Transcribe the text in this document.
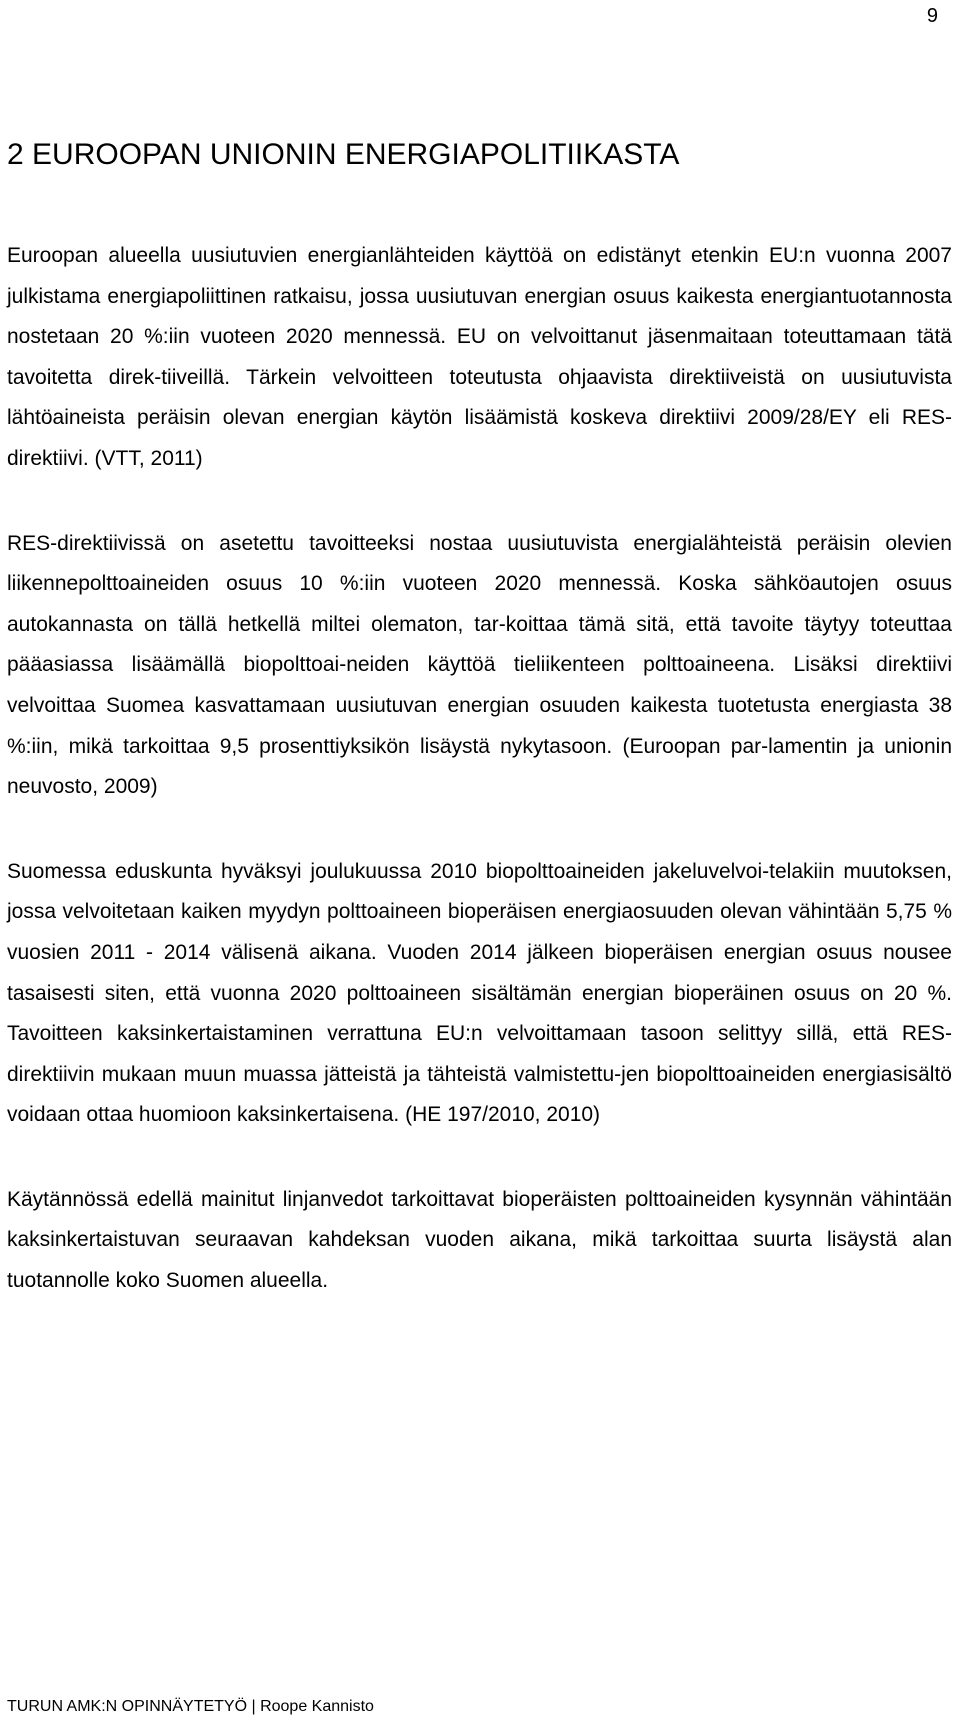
9
2 EUROOPAN UNIONIN ENERGIAPOLITIIKASTA

Euroopan alueella uusiutuvien energianlähteiden käyttöä on edistänyt etenkin EU:n vuonna 2007 julkistama energiapoliittinen ratkaisu, jossa uusiutuvan energian osuus kaikesta energiantuotannosta nostetaan 20 %:iin vuoteen 2020 mennessä. EU on velvoittanut jäsenmaitaan toteuttamaan tätä tavoitetta direk-tiiveillä. Tärkein velvoitteen toteutusta ohjaavista direktiiveistä on uusiutuvista lähtöaineista peräisin olevan energian käytön lisäämistä koskeva direktiivi 2009/28/EY eli RES-direktiivi. (VTT, 2011)

RES-direktiivissä on asetettu tavoitteeksi nostaa uusiutuvista energialähteistä peräisin olevien liikennepolttoaineiden osuus 10 %:iin vuoteen 2020 mennessä. Koska sähköautojen osuus autokannasta on tällä hetkellä miltei olematon, tar-koittaa tämä sitä, että tavoite täytyy toteuttaa pääasiassa lisäämällä biopolttoai-neiden käyttöä tieliikenteen polttoaineena. Lisäksi direktiivi velvoittaa Suomea kasvattamaan uusiutuvan energian osuuden kaikesta tuotetusta energiasta 38 %:iin, mikä tarkoittaa 9,5 prosenttiyksikön lisäystä nykytasoon. (Euroopan par-lamentin ja unionin neuvosto, 2009)

Suomessa eduskunta hyväksyi joulukuussa 2010 biopolttoaineiden jakeluvelvoi-telakiin muutoksen, jossa velvoitetaan kaiken myydyn polttoaineen bioperäisen energiaosuuden olevan vähintään 5,75 % vuosien 2011 - 2014 välisenä aikana. Vuoden 2014 jälkeen bioperäisen energian osuus nousee tasaisesti siten, että vuonna 2020 polttoaineen sisältämän energian bioperäinen osuus on 20 %. Tavoitteen kaksinkertaistaminen verrattuna EU:n velvoittamaan tasoon selittyy sillä, että RES-direktiivin mukaan muun muassa jätteistä ja tähteistä valmistettu-jen biopolttoaineiden energiasisältö voidaan ottaa huomioon kaksinkertaisena. (HE 197/2010, 2010)

Käytännössä edellä mainitut linjanvedot tarkoittavat bioperäisten polttoaineiden kysynnän vähintään kaksinkertaistuvan seuraavan kahdeksan vuoden aikana, mikä tarkoittaa suurta lisäystä alan tuotannolle koko Suomen alueella.

TURUN AMK:N OPINNÄYTETYÖ | Roope Kannisto
